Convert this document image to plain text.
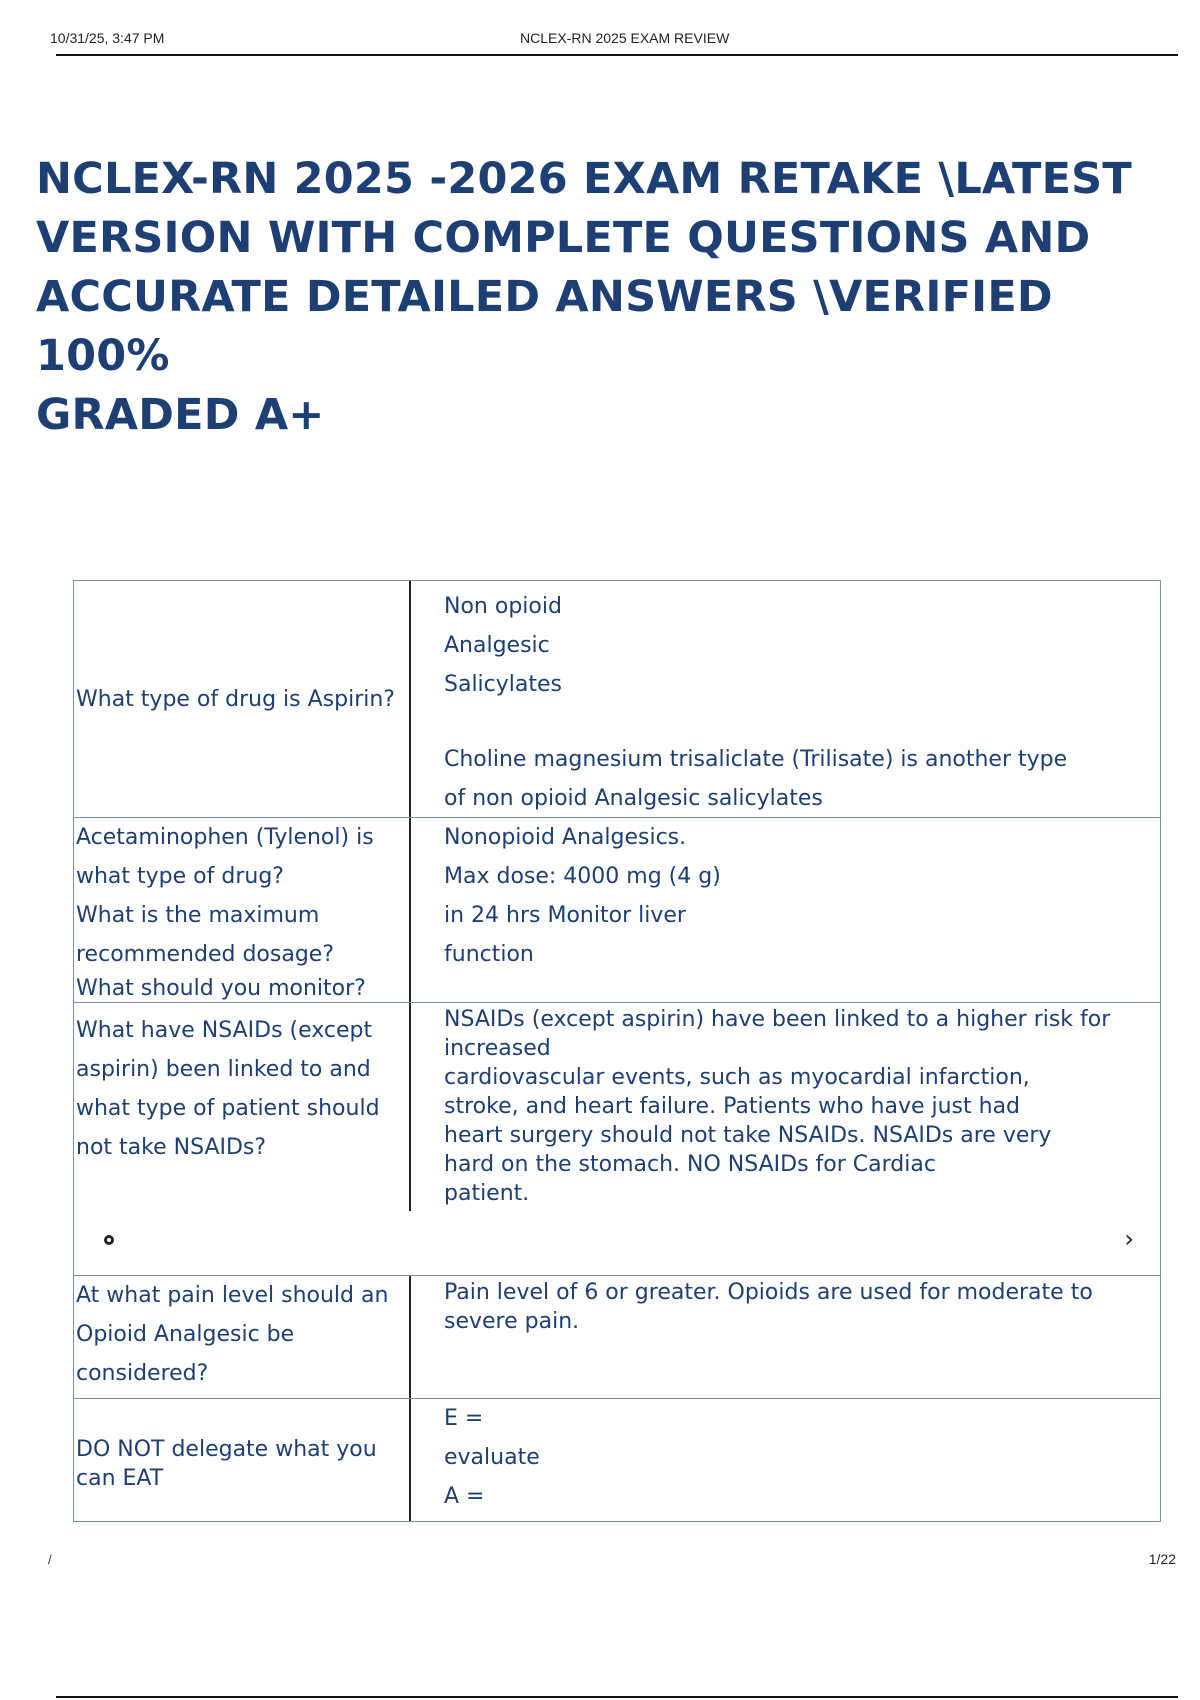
10/31/25, 3:47 PM	NCLEX-RN 2025 EXAM REVIEW
NCLEX-RN 2025 -2026 EXAM RETAKE \LATEST
VERSION WITH COMPLETE QUESTIONS AND
ACCURATE DETAILED ANSWERS \VERIFIED 100%
GRADED A+
What type of drug is Aspirin?
Non opioid
Analgesic
Salicylates
Choline magnesium trisaliclate (Trilisate) is another type
of non opioid Analgesic salicylates
Acetaminophen (Tylenol) is
what type of drug?
What is the maximum
recommended dosage?
What should you monitor?
Nonopioid Analgesics.
Max dose: 4000 mg (4 g)
in 24 hrs Monitor liver
function
What have NSAIDs (except
aspirin) been linked to and
what type of patient should
not take NSAIDs?
NSAIDs (except aspirin) have been linked to a higher risk for
increased
cardiovascular events, such as myocardial infarction,
stroke, and heart failure. Patients who have just had
heart surgery should not take NSAIDs. NSAIDs are very
hard on the stomach. NO NSAIDs for Cardiac
patient.
›
At what pain level should an
Opioid Analgesic be
considered?
Pain level of 6 or greater. Opioids are used for moderate to
severe pain.
DO NOT delegate what you
can EAT
E =
evaluate
A =
/	1/22
